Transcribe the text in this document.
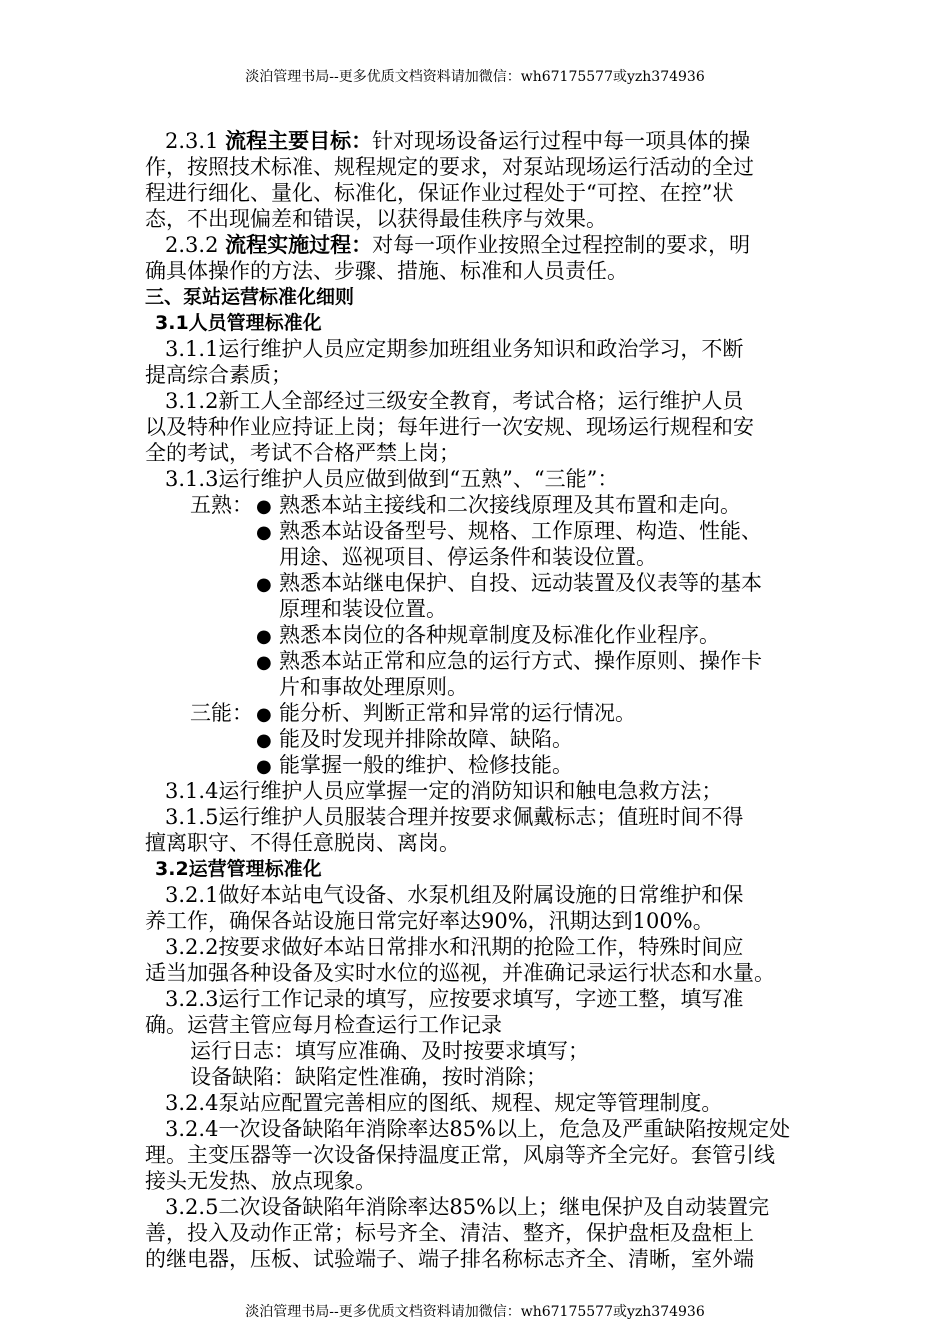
淡泊管理书局--更多优质文档资料请加微信：wh67175577或yzh374936
2.3.1 流程主要目标：针对现场设备运行过程中每一项具体的操
作，按照技术标准、规程规定的要求，对泵站现场运行活动的全过
程进行细化、量化、标准化，保证作业过程处于“可控、在控”状
态，不出现偏差和错误，以获得最佳秩序与效果。
2.3.2 流程实施过程：对每一项作业按照全过程控制的要求，明
确具体操作的方法、步骤、措施、标准和人员责任。
三、泵站运营标准化细则
3.1人员管理标准化
3.1.1运行维护人员应定期参加班组业务知识和政治学习，不断
提高综合素质；
3.1.2新工人全部经过三级安全教育，考试合格；运行维护人员
以及特种作业应持证上岗；每年进行一次安规、现场运行规程和安
全的考试，考试不合格严禁上岗；
3.1.3运行维护人员应做到做到“五熟”、“三能”：
五熟： ● 熟悉本站主接线和二次接线原理及其布置和走向。
● 熟悉本站设备型号、规格、工作原理、构造、性能、
用途、巡视项目、停运条件和装设位置。
● 熟悉本站继电保护、自投、远动装置及仪表等的基本
原理和装设位置。
● 熟悉本岗位的各种规章制度及标准化作业程序。
● 熟悉本站正常和应急的运行方式、操作原则、操作卡
片和事故处理原则。
三能： ● 能分析、判断正常和异常的运行情况。
● 能及时发现并排除故障、缺陷。
● 能掌握一般的维护、检修技能。
3.1.4运行维护人员应掌握一定的消防知识和触电急救方法；
3.1.5运行维护人员服装合理并按要求佩戴标志；值班时间不得
擅离职守、不得任意脱岗、离岗。
3.2运营管理标准化
3.2.1做好本站电气设备、水泵机组及附属设施的日常维护和保
养工作，确保各站设施日常完好率达90%，汛期达到100%。
3.2.2按要求做好本站日常排水和汛期的抢险工作，特殊时间应
适当加强各种设备及实时水位的巡视，并准确记录运行状态和水量。
3.2.3运行工作记录的填写，应按要求填写，字迹工整，填写准
确。运营主管应每月检查运行工作记录
运行日志：填写应准确、及时按要求填写；
设备缺陷：缺陷定性准确，按时消除；
3.2.4泵站应配置完善相应的图纸、规程、规定等管理制度。
3.2.4一次设备缺陷年消除率达85%以上，危急及严重缺陷按规定处
理。主变压器等一次设备保持温度正常，风扇等齐全完好。套管引线
接头无发热、放点现象。
3.2.5二次设备缺陷年消除率达85%以上；继电保护及自动装置完
善，投入及动作正常；标号齐全、清洁、整齐，保护盘柜及盘柜上
的继电器，压板、试验端子、端子排名称标志齐全、清晰，室外端
淡泊管理书局--更多优质文档资料请加微信：wh67175577或yzh374936
